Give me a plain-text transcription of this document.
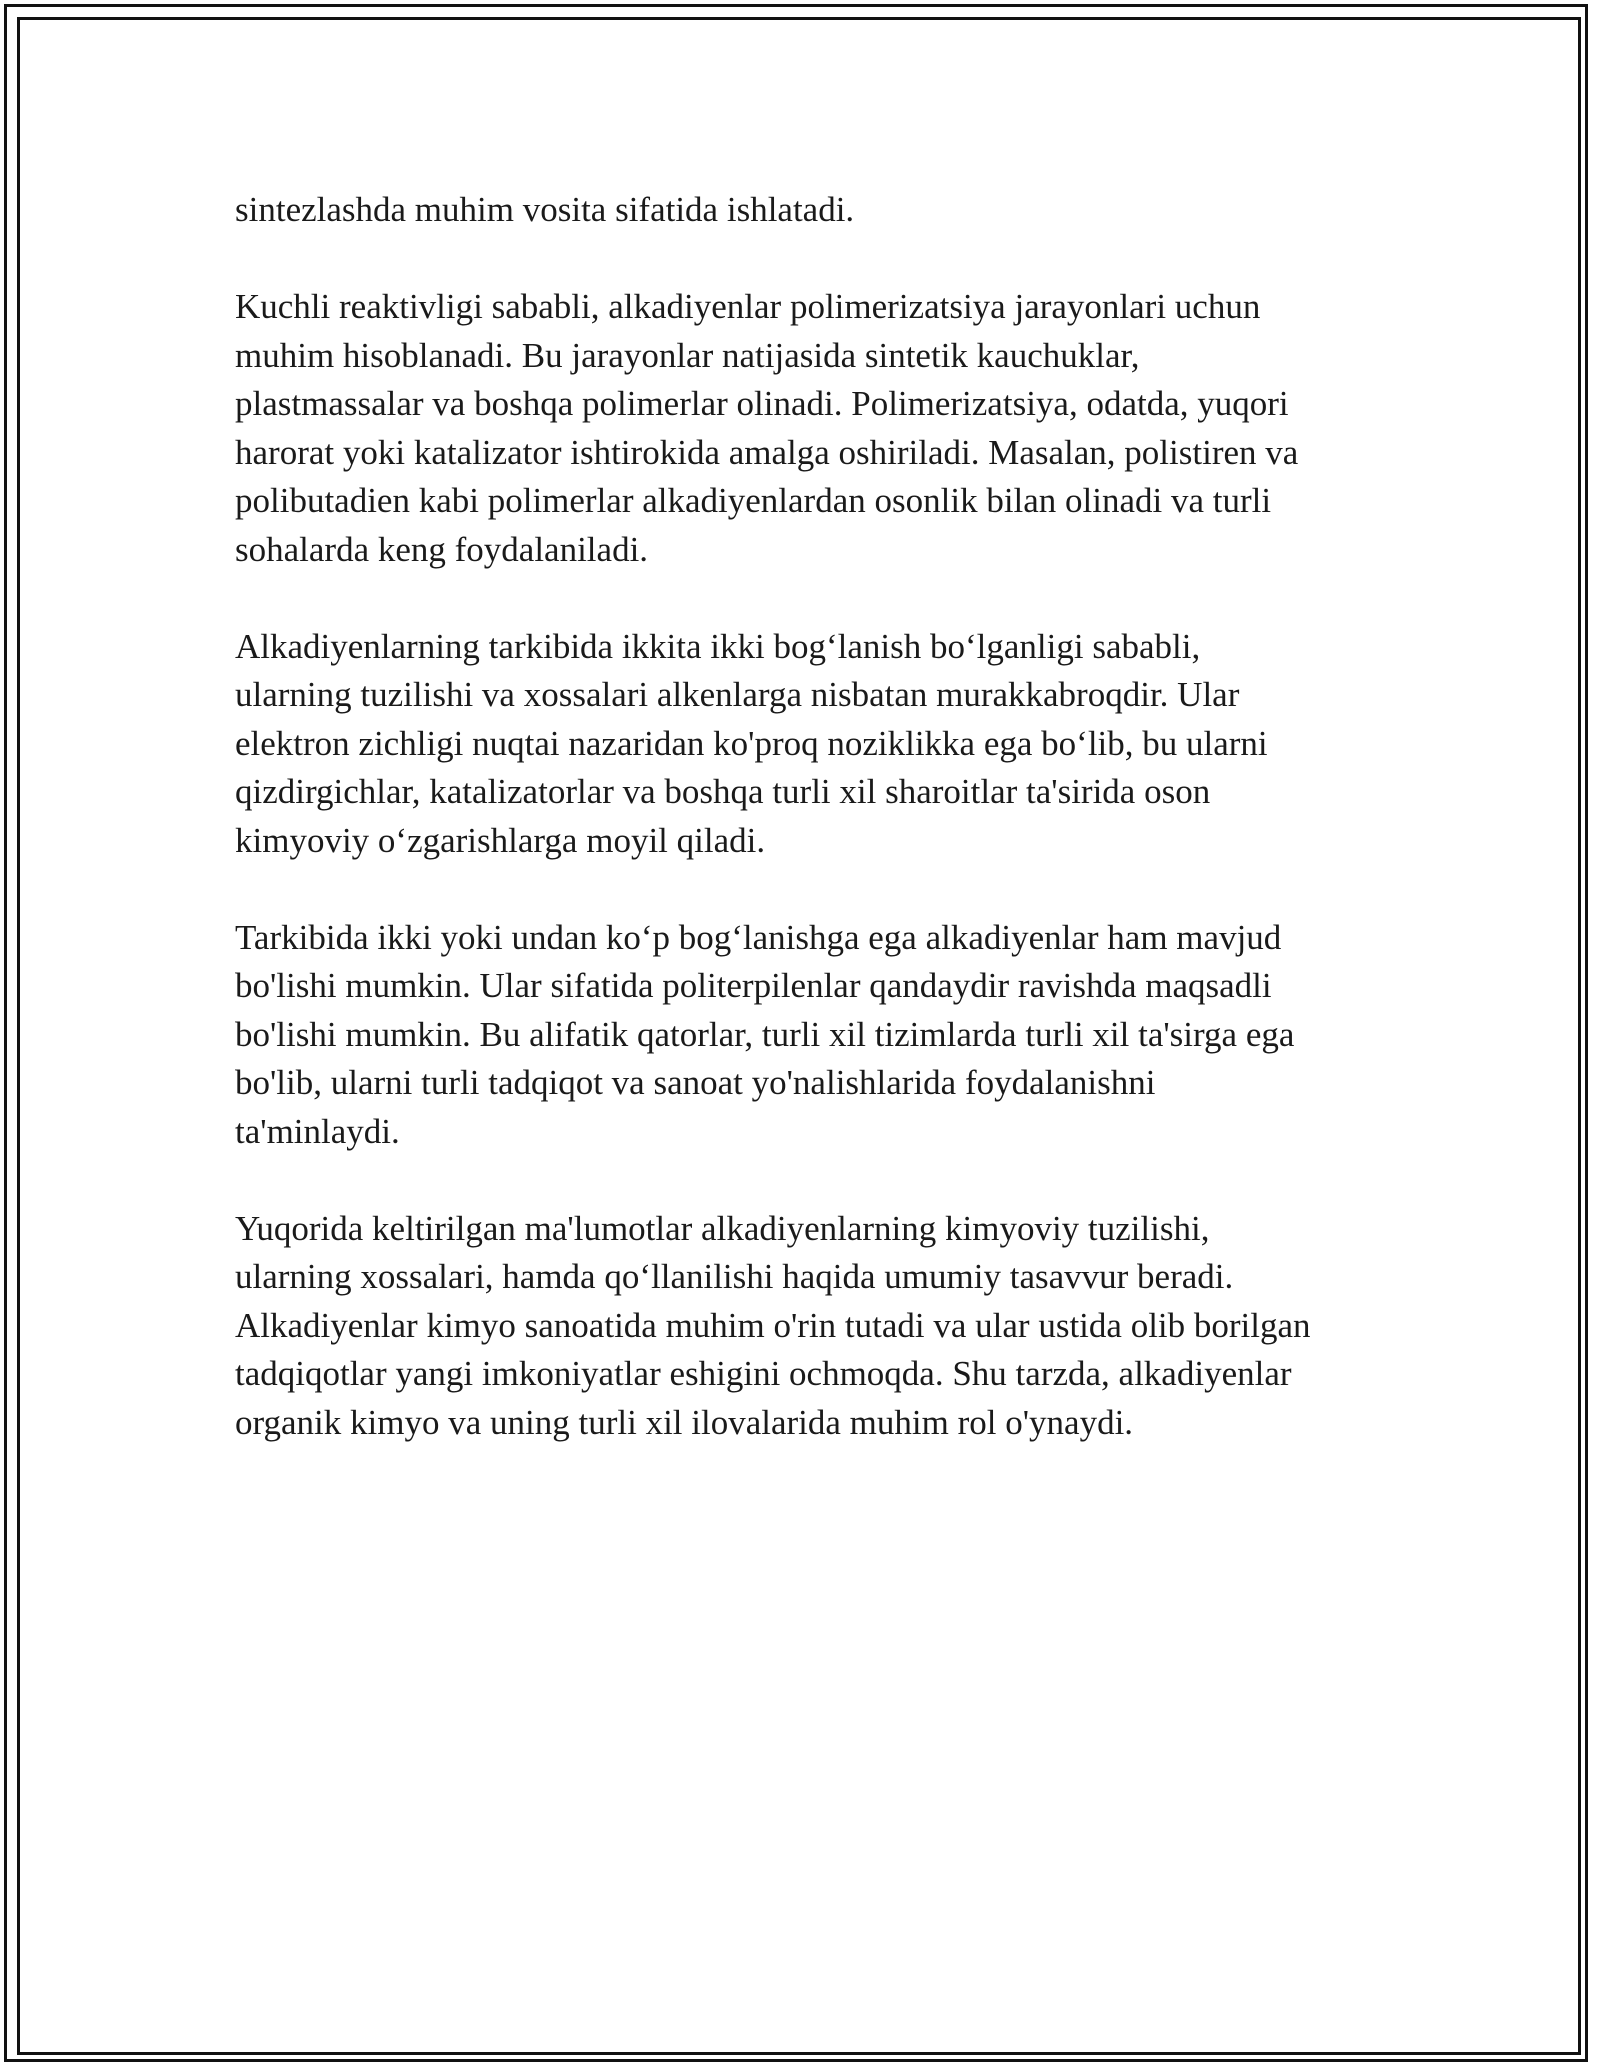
sintezlashda muhim vosita sifatida ishlatadi.

Kuchli reaktivligi sababli, alkadiyenlar polimerizatsiya jarayonlari uchun
muhim hisoblanadi. Bu jarayonlar natijasida sintetik kauchuklar,
plastmassalar va boshqa polimerlar olinadi. Polimerizatsiya, odatda, yuqori
harorat yoki katalizator ishtirokida amalga oshiriladi. Masalan, polistiren va
polibutadien kabi polimerlar alkadiyenlardan osonlik bilan olinadi va turli
sohalarda keng foydalaniladi.

Alkadiyenlarning tarkibida ikkita ikki bog‘lanish bo‘lganligi sababli,
ularning tuzilishi va xossalari alkenlarga nisbatan murakkabroqdir. Ular
elektron zichligi nuqtai nazaridan ko'proq noziklikka ega bo‘lib, bu ularni
qizdirgichlar, katalizatorlar va boshqa turli xil sharoitlar ta'sirida oson
kimyoviy o‘zgarishlarga moyil qiladi.

Tarkibida ikki yoki undan ko‘p bog‘lanishga ega alkadiyenlar ham mavjud
bo'lishi mumkin. Ular sifatida politerpilenlar qandaydir ravishda maqsadli
bo'lishi mumkin. Bu alifatik qatorlar, turli xil tizimlarda turli xil ta'sirga ega
bo'lib, ularni turli tadqiqot va sanoat yo'nalishlarida foydalanishni
ta'minlaydi.

Yuqorida keltirilgan ma'lumotlar alkadiyenlarning kimyoviy tuzilishi,
ularning xossalari, hamda qo‘llanilishi haqida umumiy tasavvur beradi.
Alkadiyenlar kimyo sanoatida muhim o'rin tutadi va ular ustida olib borilgan
tadqiqotlar yangi imkoniyatlar eshigini ochmoqda. Shu tarzda, alkadiyenlar
organik kimyo va uning turli xil ilovalarida muhim rol o'ynaydi.
